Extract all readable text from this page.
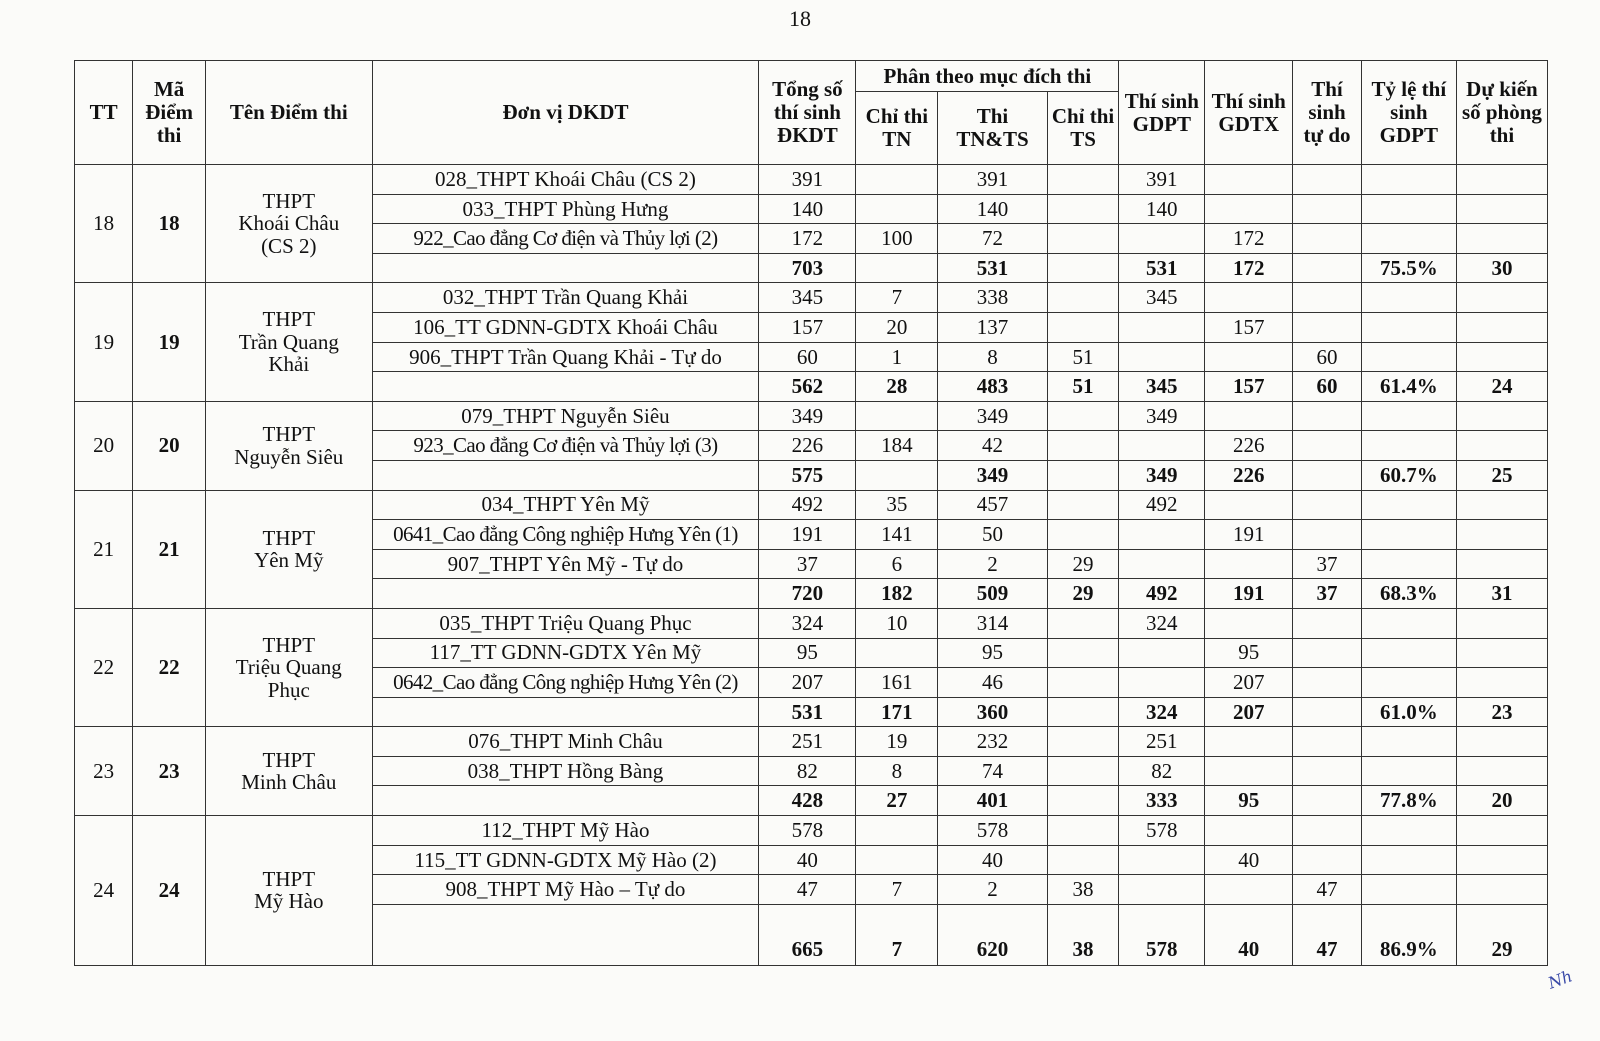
18
TT	Mã Điểm thi	Tên Điểm thi	Đơn vị DKDT	Tổng số thí sinh ĐKDT	Phân theo mục đích thi			Thí sinh GDPT	Thí sinh GDTX	Thí sinh tự do	Tỷ lệ thí sinh GDPT	Dự kiến số phòng thi
					Chỉ thi TN	Thi TN&TS	Chỉ thi TS					
18	18	THPT
Khoái Châu
(CS 2)	028_THPT Khoái Châu (CS 2)	391		391		391				
			033_THPT Phùng Hưng	140		140		140				
			922_Cao đẳng Cơ điện và Thủy lợi (2)	172	100	72			172			
				703		531		531	172		75.5%	30
19	19	THPT
Trần Quang
Khải	032_THPT Trần Quang Khải	345	7	338		345				
			106_TT GDNN-GDTX Khoái Châu	157	20	137			157			
			906_THPT Trần Quang Khải - Tự do	60	1	8	51			60		
				562	28	483	51	345	157	60	61.4%	24
20	20	THPT
Nguyễn Siêu	079_THPT Nguyễn Siêu	349		349		349				
			923_Cao đẳng Cơ điện và Thủy lợi (3)	226	184	42			226			
				575		349		349	226		60.7%	25
21	21	THPT
Yên Mỹ	034_THPT Yên Mỹ	492	35	457		492				
			0641_Cao đẳng Công nghiệp Hưng Yên (1)	191	141	50			191			
			907_THPT Yên Mỹ - Tự do	37	6	2	29			37		
				720	182	509	29	492	191	37	68.3%	31
22	22	THPT
Triệu Quang
Phục	035_THPT Triệu Quang Phục	324	10	314		324				
			117_TT GDNN-GDTX Yên Mỹ	95		95			95			
			0642_Cao đẳng Công nghiệp Hưng Yên (2)	207	161	46			207			
				531	171	360		324	207		61.0%	23
23	23	THPT
Minh Châu	076_THPT Minh Châu	251	19	232		251				
			038_THPT Hồng Bàng	82	8	74		82				
				428	27	401		333	95		77.8%	20
24	24	THPT
Mỹ Hào	112_THPT Mỹ Hào	578		578		578				
			115_TT GDNN-GDTX Mỹ Hào (2)	40		40			40			
			908_THPT Mỹ Hào – Tự do	47	7	2	38			47		
				665	7	620	38	578	40	47	86.9%	29
Nh
